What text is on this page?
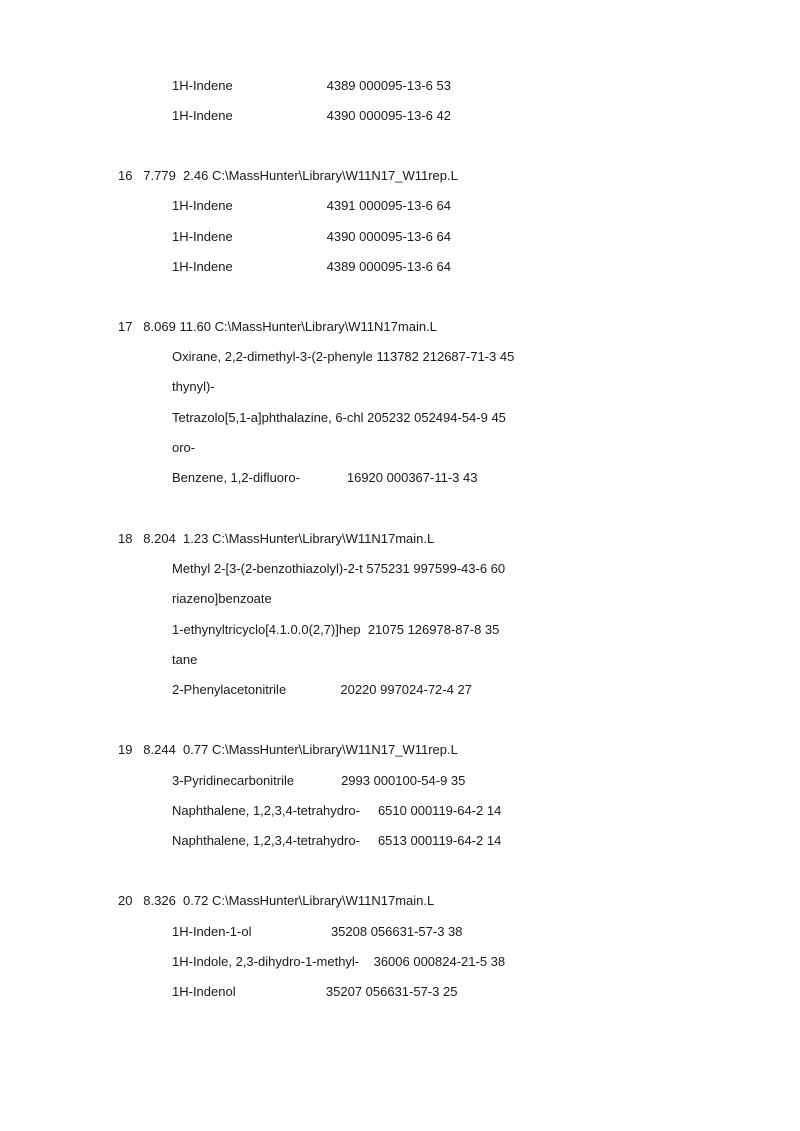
1H-Indene                          4389 000095-13-6 53
1H-Indene                          4390 000095-13-6 42
16   7.779  2.46 C:\MassHunter\Library\W11N17_W11rep.L
1H-Indene                          4391 000095-13-6 64
1H-Indene                          4390 000095-13-6 64
1H-Indene                          4389 000095-13-6 64
17   8.069 11.60 C:\MassHunter\Library\W11N17main.L
Oxirane, 2,2-dimethyl-3-(2-phenyle 113782 212687-71-3 45
thynyl)-
Tetrazolo[5,1-a]phthalazine, 6-chl 205232 052494-54-9 45
oro-
Benzene, 1,2-difluoro-             16920 000367-11-3 43
18   8.204  1.23 C:\MassHunter\Library\W11N17main.L
Methyl 2-[3-(2-benzothiazolyl)-2-t 575231 997599-43-6 60
riazeno]benzoate
1-ethynyltricyclo[4.1.0.0(2,7)]hep  21075 126978-87-8 35
tane
2-Phenylacetonitrile               20220 997024-72-4 27
19   8.244  0.77 C:\MassHunter\Library\W11N17_W11rep.L
3-Pyridinecarbonitrile             2993 000100-54-9 35
Naphthalene, 1,2,3,4-tetrahydro-     6510 000119-64-2 14
Naphthalene, 1,2,3,4-tetrahydro-     6513 000119-64-2 14
20   8.326  0.72 C:\MassHunter\Library\W11N17main.L
1H-Inden-1-ol                      35208 056631-57-3 38
1H-Indole, 2,3-dihydro-1-methyl-    36006 000824-21-5 38
1H-Indenol                         35207 056631-57-3 25
